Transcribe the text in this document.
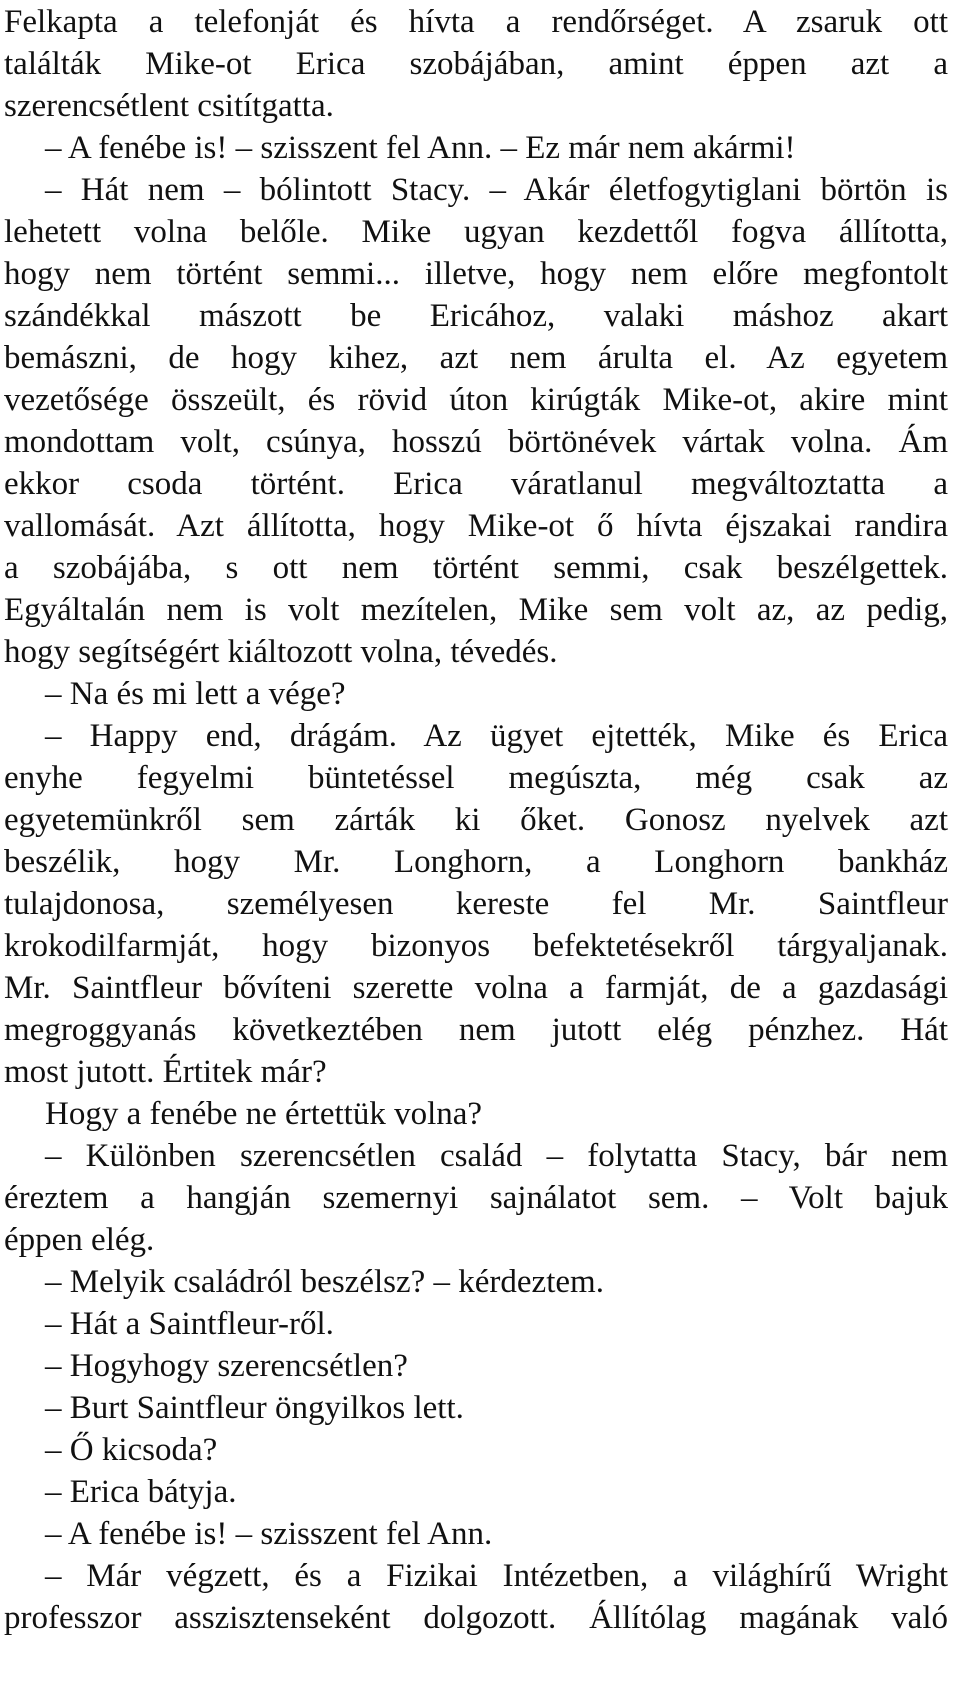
Felkapta a telefonját és hívta a rendőrséget. A zsaruk ott
találták Mike-ot Erica szobájában, amint éppen azt a
szerencsétlent csitítgatta.
– A fenébe is! – szisszent fel Ann. – Ez már nem akármi!
– Hát nem – bólintott Stacy. – Akár életfogytiglani börtön is
lehetett volna belőle. Mike ugyan kezdettől fogva állította,
hogy nem történt semmi... illetve, hogy nem előre megfontolt
szándékkal mászott be Ericához, valaki máshoz akart
bemászni, de hogy kihez, azt nem árulta el. Az egyetem
vezetősége összeült, és rövid úton kirúgták Mike-ot, akire mint
mondottam volt, csúnya, hosszú börtönévek vártak volna. Ám
ekkor csoda történt. Erica váratlanul megváltoztatta a
vallomását. Azt állította, hogy Mike-ot ő hívta éjszakai randira
a szobájába, s ott nem történt semmi, csak beszélgettek.
Egyáltalán nem is volt mezítelen, Mike sem volt az, az pedig,
hogy segítségért kiáltozott volna, tévedés.
– Na és mi lett a vége?
– Happy end, drágám. Az ügyet ejtették, Mike és Erica
enyhe fegyelmi büntetéssel megúszta, még csak az
egyetemünkről sem zárták ki őket. Gonosz nyelvek azt
beszélik, hogy Mr. Longhorn, a Longhorn bankház
tulajdonosa, személyesen kereste fel Mr. Saintfleur
krokodilfarmját, hogy bizonyos befektetésekről tárgyaljanak.
Mr. Saintfleur bővíteni szerette volna a farmját, de a gazdasági
megroggyanás következtében nem jutott elég pénzhez. Hát
most jutott. Értitek már?
Hogy a fenébe ne értettük volna?
– Különben szerencsétlen család – folytatta Stacy, bár nem
éreztem a hangján szemernyi sajnálatot sem. – Volt bajuk
éppen elég.
– Melyik családról beszélsz? – kérdeztem.
– Hát a Saintfleur-ről.
– Hogyhogy szerencsétlen?
– Burt Saintfleur öngyilkos lett.
– Ő kicsoda?
– Erica bátyja.
– A fenébe is! – szisszent fel Ann.
– Már végzett, és a Fizikai Intézetben, a világhírű Wright
professzor asszisztenseként dolgozott. Állítólag magának való
